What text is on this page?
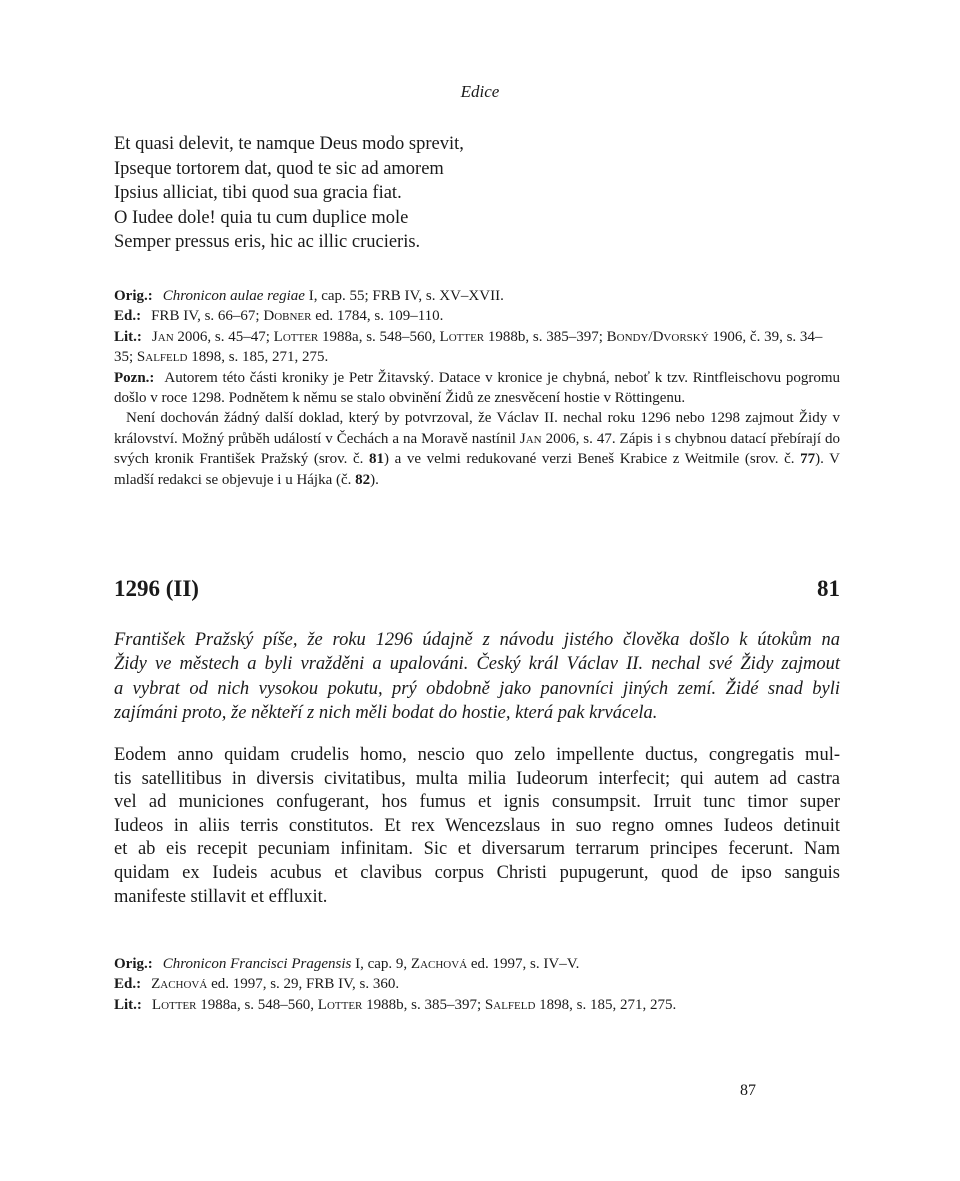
Edice
Et quasi delevit, te namque Deus modo sprevit,
Ipseque tortorem dat, quod te sic ad amorem
Ipsius alliciat, tibi quod sua gracia fiat.
O Iudee dole! quia tu cum duplice mole
Semper pressus eris, hic ac illic crucieris.

Orig.: Chronicon aulae regiae I, cap. 55; FRB IV, s. XV–XVII.

Ed.: FRB IV, s. 66–67; Dobner ed. 1784, s. 109–110.

Lit.: Jan 2006, s. 45–47; Lotter 1988a, s. 548–560, Lotter 1988b, s. 385–397; Bondy/Dvorský 1906, č. 39, s. 34–35; Salfeld 1898, s. 185, 271, 275.

Pozn.: Autorem této části kroniky je Petr Žitavský. Datace v kronice je chybná, neboť k tzv. Rintfleischovu pogromu došlo v roce 1298. Podnětem k němu se stalo obvinění Židů ze znesvěcení hostie v Röttingenu.

Není dochován žádný další doklad, který by potvrzoval, že Václav II. nechal roku 1296 nebo 1298 zajmout Židy v království. Možný průběh událostí v Čechách a na Moravě nastínil Jan 2006, s. 47. Zápis i s chybnou datací přebírají do svých kronik František Pražský (srov. č. 81) a ve velmi redukované verzi Beneš Krabice z Weitmile (srov. č. 77). V mladší redakci se objevuje i u Hájka (č. 82).

1296 (II)	81
František Pražský píše, že roku 1296 údajně z návodu jistého člověka došlo k útokům na
Židy ve městech a byli vražděni a upalováni. Český král Václav II. nechal své Židy zajmout
a vybrat od nich vysokou pokutu, prý obdobně jako panovníci jiných zemí. Židé snad byli
zajímáni proto, že někteří z nich měli bodat do hostie, která pak krvácela.
Eodem anno quidam crudelis homo, nescio quo zelo impellente ductus, congregatis mul-
tis satellitibus in diversis civitatibus, multa milia Iudeorum interfecit; qui autem ad castra
vel ad municiones confugerant, hos fumus et ignis consumpsit. Irruit tunc timor super
Iudeos in aliis terris constitutos. Et rex Wencezslaus in suo regno omnes Iudeos detinuit
et ab eis recepit pecuniam infinitam. Sic et diversarum terrarum principes fecerunt. Nam
quidam ex Iudeis acubus et clavibus corpus Christi pupugerunt, quod de ipso sanguis
manifeste stillavit et effluxit.

Orig.: Chronicon Francisci Pragensis I, cap. 9, Zachová ed. 1997, s. IV–V.

Ed.: Zachová ed. 1997, s. 29, FRB IV, s. 360.

Lit.: Lotter 1988a, s. 548–560, Lotter 1988b, s. 385–397; Salfeld 1898, s. 185, 271, 275.

87
